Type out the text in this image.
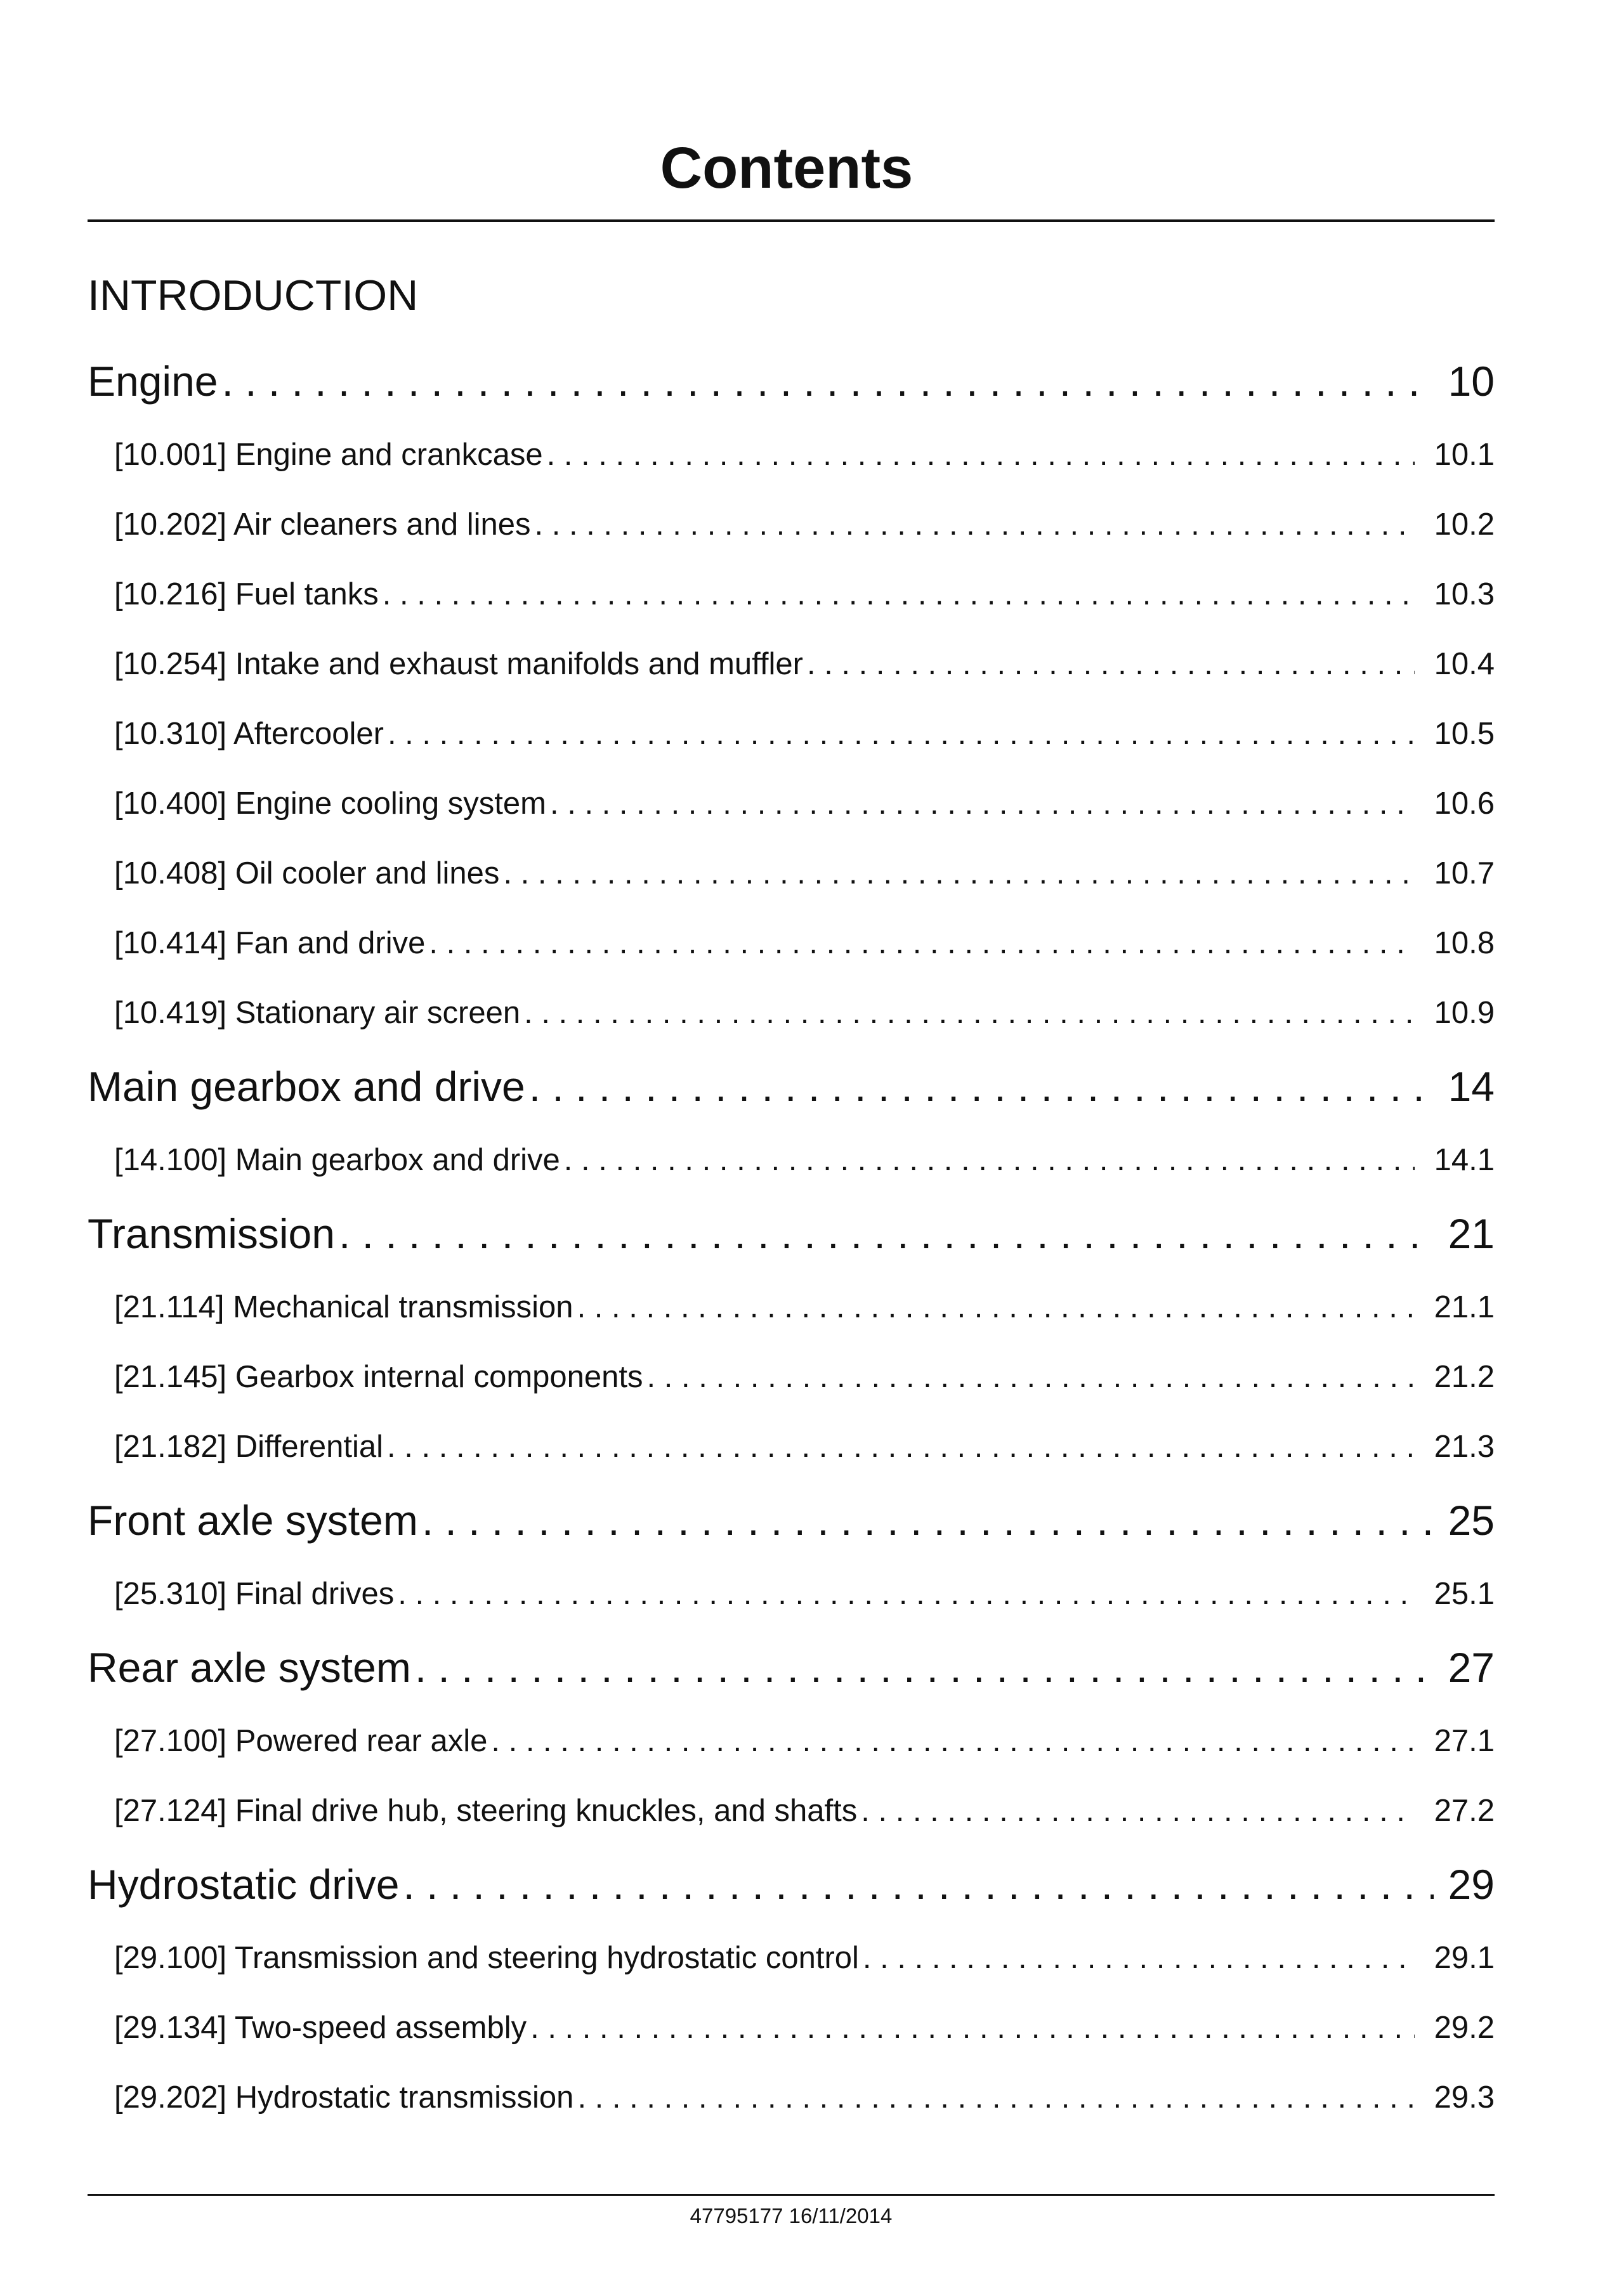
Contents
INTRODUCTION
Engine . . .	10
[10.001] Engine and crankcase . . .	10.1
[10.202] Air cleaners and lines . . .	10.2
[10.216] Fuel tanks . . .	10.3
[10.254] Intake and exhaust manifolds and muffler . . .	10.4
[10.310] Aftercooler . . .	10.5
[10.400] Engine cooling system . . .	10.6
[10.408] Oil cooler and lines . . .	10.7
[10.414] Fan and drive . . .	10.8
[10.419] Stationary air screen . . .	10.9
Main gearbox and drive . . .	14
[14.100] Main gearbox and drive . . .	14.1
Transmission . . .	21
[21.114] Mechanical transmission . . .	21.1
[21.145] Gearbox internal components . . .	21.2
[21.182] Differential . . .	21.3
Front axle system . . .	25
[25.310] Final drives . . .	25.1
Rear axle system . . .	27
[27.100] Powered rear axle . . .	27.1
[27.124] Final drive hub, steering knuckles, and shafts . . .	27.2
Hydrostatic drive . . .	29
[29.100] Transmission and steering hydrostatic control . . .	29.1
[29.134] Two-speed assembly . . .	29.2
[29.202] Hydrostatic transmission . . .	29.3
47795177 16/11/2014
